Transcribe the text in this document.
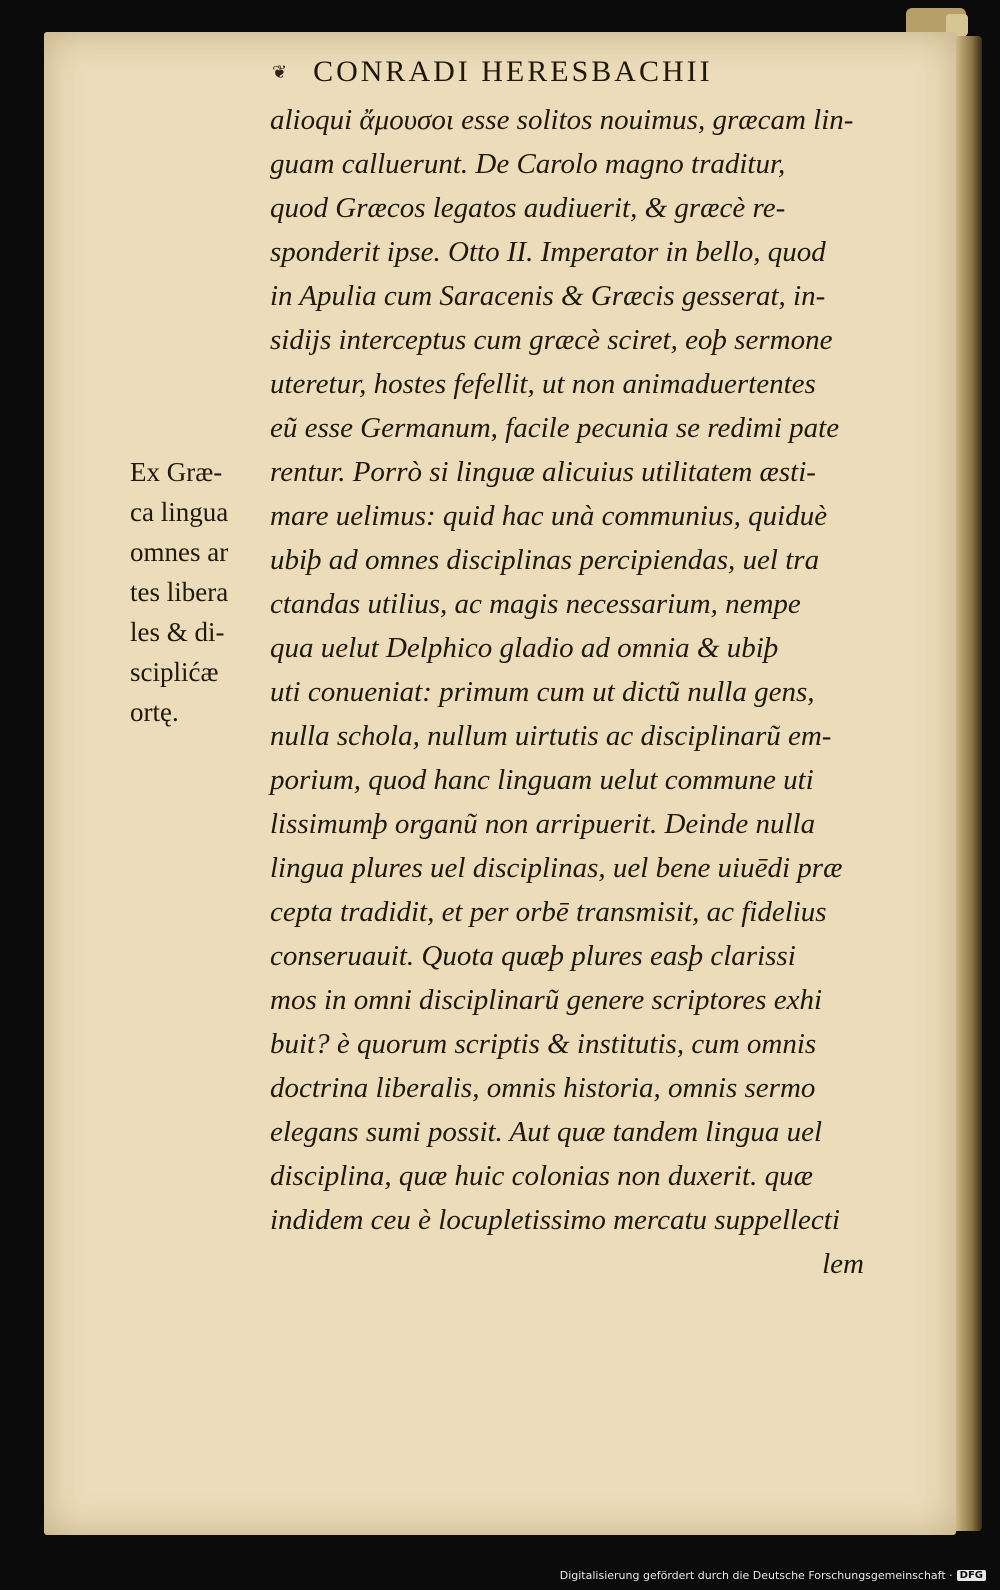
❦ CONRADI HERESBACHII
Ex Græ-
ca lingua
omnes ar
tes libera
les & di-
sciplićæ
ortę.
alioqui ἄμουσοι esse solitos nouimus, græcam lin-
guam calluerunt. De Carolo magno traditur,
quod Græcos legatos audiuerit, & græcè re-
sponderit ipse. Otto II. Imperator in bello, quod
in Apulia cum Saracenis & Græcis gesserat, in-
sidijs interceptus cum græcè sciret, eoþ sermone
uteretur, hostes fefellit, ut non animaduertentes
eũ esse Germanum, facile pecunia se redimi pate
rentur. Porrò si linguæ alicuius utilitatem æsti-
mare uelimus: quid hac unà communius, quiduè
ubiþ ad omnes disciplinas percipiendas, uel tra
ctandas utilius, ac magis necessarium, nempe
qua uelut Delphico gladio ad omnia & ubiþ
uti conueniat: primum cum ut dictũ nulla gens,
nulla schola, nullum uirtutis ac disciplinarũ em-
porium, quod hanc linguam uelut commune uti
lissimumþ organũ non arripuerit. Deinde nulla
lingua plures uel disciplinas, uel bene uiuēdi præ
cepta tradidit, et per orbē transmisit, ac fidelius
conseruauit. Quota quæþ plures easþ clarissi
mos in omni disciplinarũ genere scriptores exhi
buit? è quorum scriptis & institutis, cum omnis
doctrina liberalis, omnis historia, omnis sermo
elegans sumi possit. Aut quæ tandem lingua uel
disciplina, quæ huic colonias non duxerit. quæ
indidem ceu è locupletissimo mercatu suppellecti
lem
Digitalisierung gefördert durch die Deutsche Forschungsgemeinschaft · DFG
